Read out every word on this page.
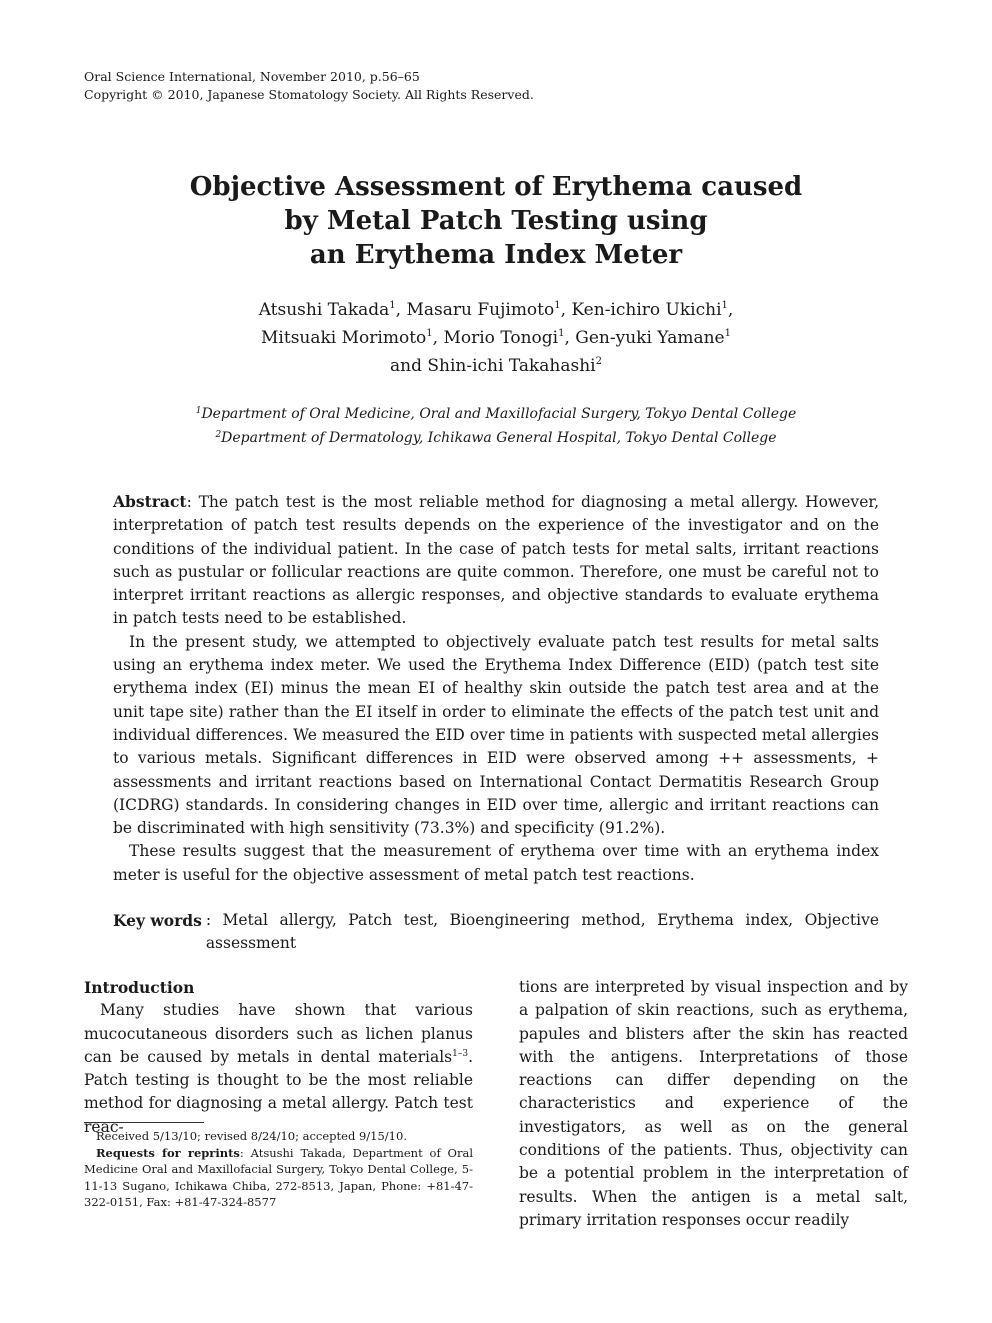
Oral Science International, November 2010, p.56–65
Copyright © 2010, Japanese Stomatology Society. All Rights Reserved.
Objective Assessment of Erythema caused
by Metal Patch Testing using
an Erythema Index Meter
Atsushi Takada$^1$, Masaru Fujimoto$^1$, Ken-ichiro Ukichi$^1$,
Mitsuaki Morimoto$^1$, Morio Tonogi$^1$, Gen-yuki Yamane$^1$
and Shin-ichi Takahashi$^2$
$^1$Department of Oral Medicine, Oral and Maxillofacial Surgery, Tokyo Dental College
$^2$Department of Dermatology, Ichikawa General Hospital, Tokyo Dental College

Abstract: The patch test is the most reliable method for diagnosing a metal allergy. However, interpretation of patch test results depends on the experience of the investigator and on the conditions of the individual patient. In the case of patch tests for metal salts, irritant reactions such as pustular or follicular reactions are quite common. Therefore, one must be careful not to interpret irritant reactions as allergic responses, and objective standards to evaluate erythema in patch tests need to be established.

In the present study, we attempted to objectively evaluate patch test results for metal salts using an erythema index meter. We used the Erythema Index Difference (EID) (patch test site erythema index (EI) minus the mean EI of healthy skin outside the patch test area and at the unit tape site) rather than the EI itself in order to eliminate the effects of the patch test unit and individual differences. We measured the EID over time in patients with suspected metal allergies to various metals. Significant differences in EID were observed among ++ assessments, + assessments and irritant reactions based on International Contact Dermatitis Research Group (ICDRG) standards. In considering changes in EID over time, allergic and irritant reactions can be discriminated with high sensitivity (73.3%) and specificity (91.2%).

These results suggest that the measurement of erythema over time with an erythema index meter is useful for the objective assessment of metal patch test reactions.

Key words : Metal allergy, Patch test, Bioengineering method, Erythema index, Objective assessment
Introduction

Many studies have shown that various mucocutaneous disorders such as lichen planus can be caused by metals in dental materials$^{1-3}$. Patch testing is thought to be the most reliable method for diagnosing a metal allergy. Patch test reac-

Received 5/13/10; revised 8/24/10; accepted 9/15/10.

Requests for reprints: Atsushi Takada, Department of Oral Medicine Oral and Maxillofacial Surgery, Tokyo Dental College, 5-11-13 Sugano, Ichikawa Chiba, 272-8513, Japan, Phone: +81-47-322-0151, Fax: +81-47-324-8577

tions are interpreted by visual inspection and by a palpation of skin reactions, such as erythema, papules and blisters after the skin has reacted with the antigens. Interpretations of those reactions can differ depending on the characteristics and experience of the investigators, as well as on the general conditions of the patients. Thus, objectivity can be a potential problem in the interpretation of results. When the antigen is a metal salt, primary irritation responses occur readily
